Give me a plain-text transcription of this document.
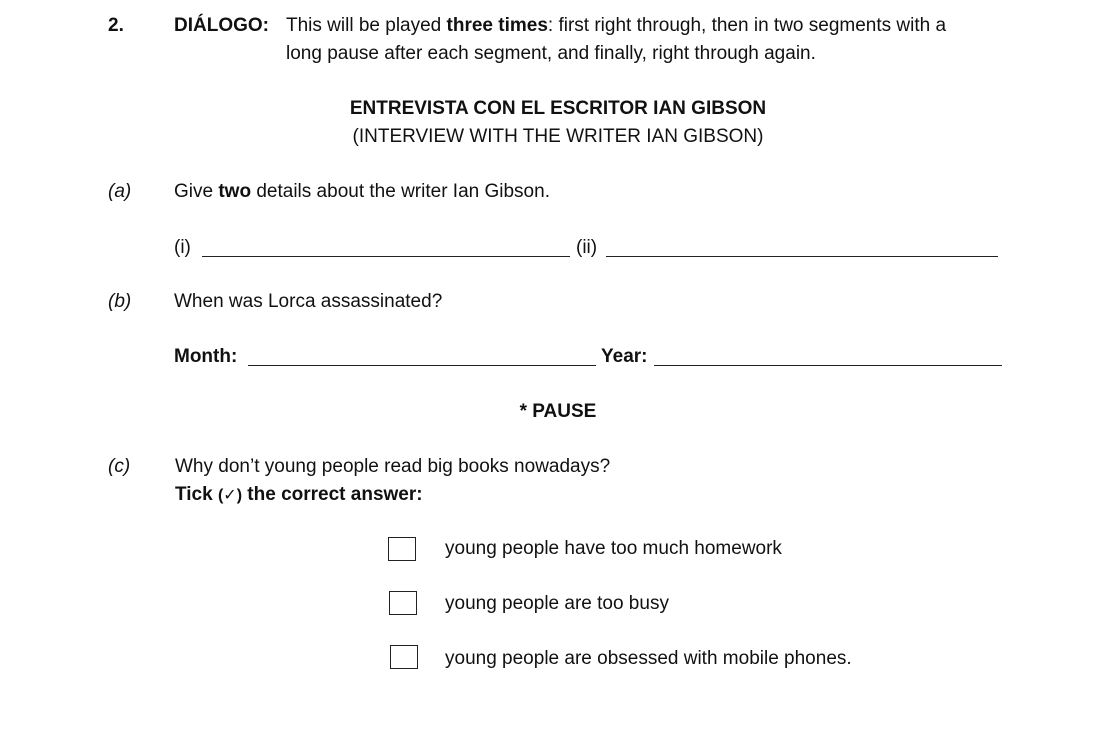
2.	DIÁLOGO: This will be played three times: first right through, then in two segments with a
long pause after each segment, and finally, right through again.
ENTREVISTA CON EL ESCRITOR IAN GIBSON
(INTERVIEW WITH THE WRITER IAN GIBSON)
(a) Give two details about the writer Ian Gibson.
(i)	(ii)
(b) When was Lorca assassinated?
Month:	Year:
* PAUSE
(c) Why don’t young people read big books nowadays?
Tick (✓) the correct answer:
young people have too much homework
young people are too busy
young people are obsessed with mobile phones.
